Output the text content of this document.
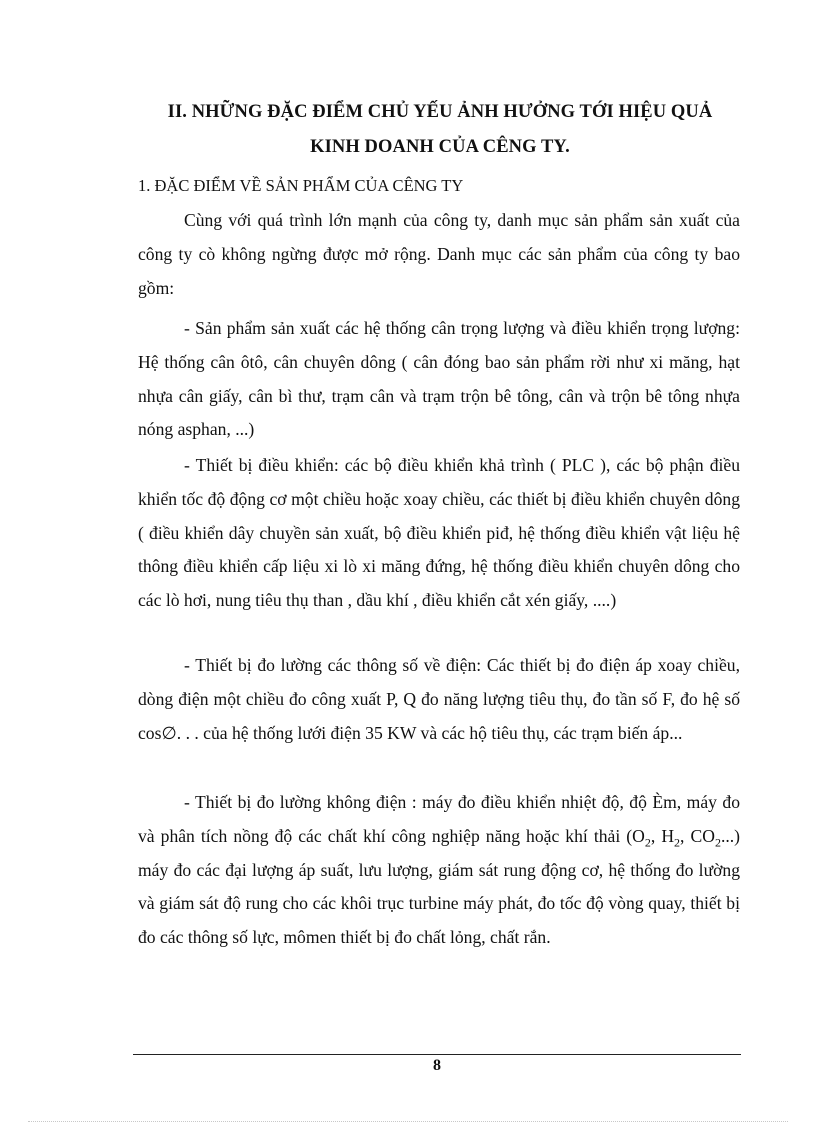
II. NHỮNG ĐẶC ĐIỂM CHỦ YẾU ẢNH HƯỞNG TỚI HIỆU QUẢ
KINH DOANH CỦA CÊNG TY.
1. ĐẶC ĐIỂM VỀ SẢN PHẨM CỦA CÊNG TY

Cùng với quá trình lớn mạnh của công ty, danh mục sản phẩm sản xuất của công ty cò không ngừng được mở rộng. Danh mục các sản phẩm của công ty bao gồm:

- Sản phẩm sản xuất các hệ thống cân trọng lượng và điều khiển trọng lượng: Hệ thống cân ôtô, cân chuyên dông ( cân đóng bao sản phẩm rời như xi măng, hạt nhựa cân giấy, cân bì thư, trạm cân và trạm trộn bê tông, cân và trộn bê tông nhựa nóng asphan, ...)

- Thiết bị điều khiển: các bộ điều khiển khả trình ( PLC ), các bộ phận điều khiển tốc độ động cơ một chiều hoặc xoay chiều, các thiết bị điều khiển chuyên dông ( điều khiển dây chuyền sản xuất, bộ điều khiển piđ, hệ thống điều khiển vật liệu hệ thông điều khiển cấp liệu xi lò xi măng đứng, hệ thống điều khiển chuyên dông cho các lò hơi, nung tiêu thụ than , dầu khí , điều khiển cắt xén giấy, ....)

- Thiết bị đo lường các thông số về điện: Các thiết bị đo điện áp xoay chiều, dòng điện một chiều đo công xuất P, Q đo năng lượng tiêu thụ, đo tần số F, đo hệ số cos∅. . . của hệ thống lưới điện 35 KW và các hộ tiêu thụ, các trạm biến áp...

- Thiết bị đo lường không điện : máy đo điều khiển nhiệt độ, độ Èm, máy đo và phân tích nồng độ các chất khí công nghiệp năng hoặc khí thải ($O_2$, $H_2$, $CO_2$...) máy đo các đại lượng áp suất, lưu lượng, giám sát rung động cơ, hệ thống đo lường và giám sát độ rung cho các khôi trục turbine máy phát, đo tốc độ vòng quay, thiết bị đo các thông số lực, mômen thiết bị đo chất lỏng, chất rắn.

8
